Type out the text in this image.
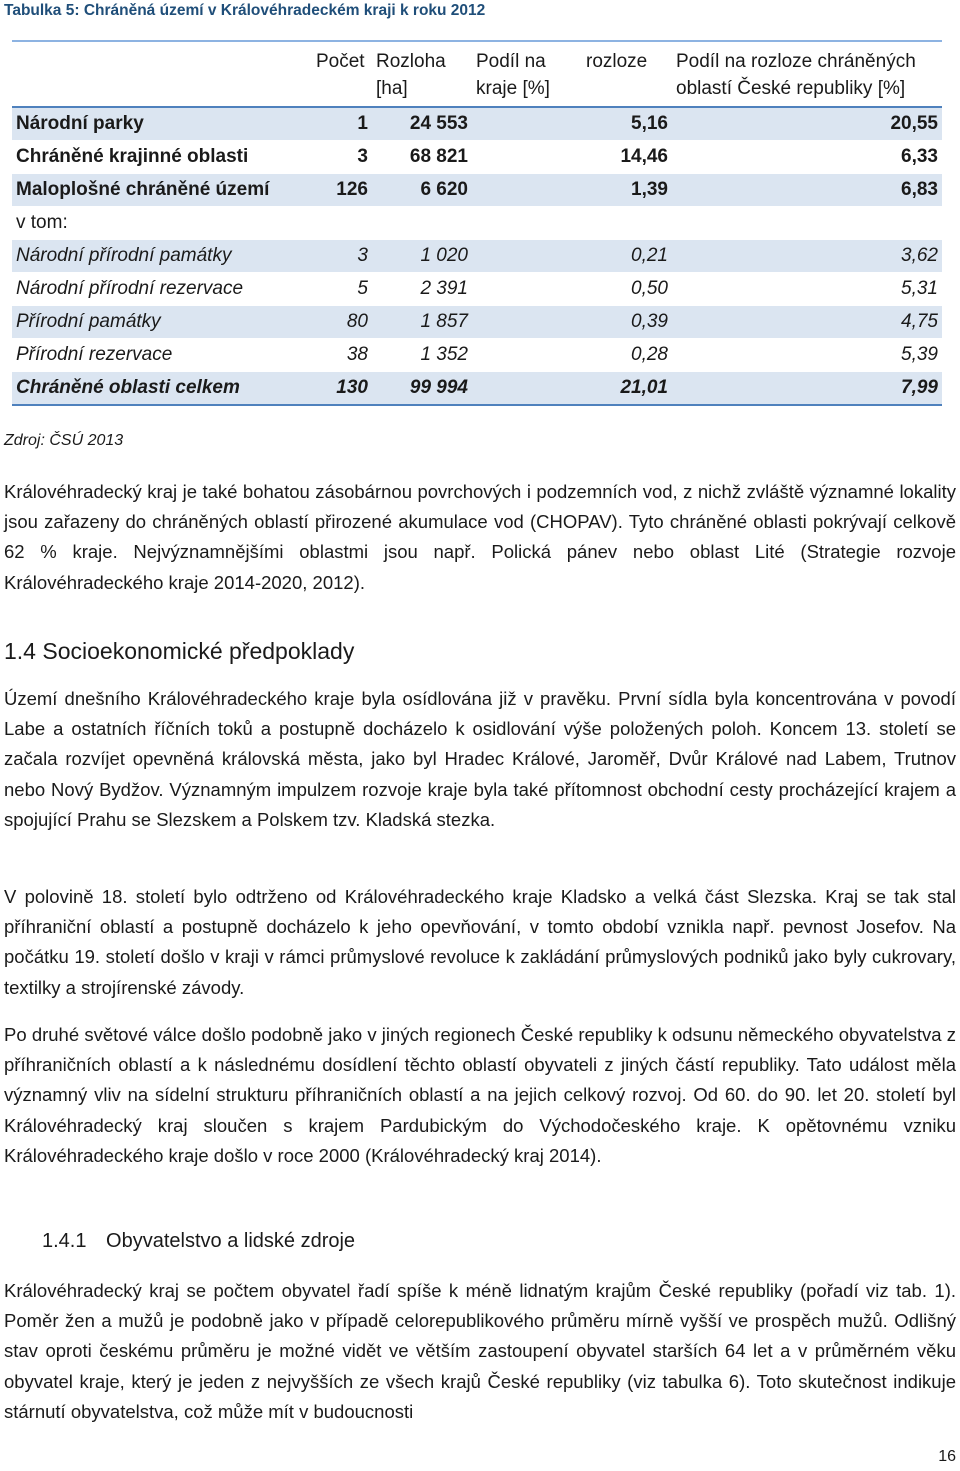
Tabulka 5: Chráněná území v Královéhradeckém kraji k roku 2012
	Počet	Rozloha [ha]	Podíl na kraje [%]	rozloze	Podíl na rozloze chráněných oblastí České republiky [%]
Národní parky	1	24 553	5,16		20,55
Chráněné krajinné oblasti	3	68 821	14,46		6,33
Maloplošné chráněné území	126	6 620	1,39		6,83
v tom:					
Národní přírodní památky	3	1 020	0,21		3,62
Národní přírodní rezervace	5	2 391	0,50		5,31
Přírodní památky	80	1 857	0,39		4,75
Přírodní rezervace	38	1 352	0,28		5,39
Chráněné oblasti celkem	130	99 994	21,01		7,99
Zdroj: ČSÚ 2013

Královéhradecký kraj je také bohatou zásobárnou povrchových i podzemních vod, z nichž zvláště významné lokality jsou zařazeny do chráněných oblastí přirozené akumulace vod (CHOPAV). Tyto chráněné oblasti pokrývají celkově 62 % kraje. Nejvýznamnějšími oblastmi jsou např. Polická pánev nebo oblast Lité (Strategie rozvoje Královéhradeckého kraje 2014-2020, 2012).

1.4 Socioekonomické předpoklady

Území dnešního Královéhradeckého kraje byla osídlována již v pravěku. První sídla byla koncentrována v povodí Labe a ostatních říčních toků a postupně docházelo k osidlování výše položených poloh. Koncem 13. století se začala rozvíjet opevněná královská města, jako byl Hradec Králové, Jaroměř, Dvůr Králové nad Labem, Trutnov nebo Nový Bydžov. Významným impulzem rozvoje kraje byla také přítomnost obchodní cesty procházející krajem a spojující Prahu se Slezskem a Polskem tzv. Kladská stezka.

V polovině 18. století bylo odtrženo od Královéhradeckého kraje Kladsko a velká část Slezska. Kraj se tak stal příhraniční oblastí a postupně docházelo k jeho opevňování, v tomto období vznikla např. pevnost Josefov. Na počátku 19. století došlo v kraji v rámci průmyslové revoluce k zakládání průmyslových podniků jako byly cukrovary, textilky a strojírenské závody.

Po druhé světové válce došlo podobně jako v jiných regionech České republiky k odsunu německého obyvatelstva z příhraničních oblastí a k následnému dosídlení těchto oblastí obyvateli z jiných částí republiky. Tato událost měla významný vliv na sídelní strukturu příhraničních oblastí a na jejich celkový rozvoj. Od 60. do 90. let 20. století byl Královéhradecký kraj sloučen s krajem Pardubickým do Východočeského kraje. K opětovnému vzniku Královéhradeckého kraje došlo v roce 2000 (Královéhradecký kraj 2014).

1.4.1 Obyvatelstvo a lidské zdroje

Královéhradecký kraj se počtem obyvatel řadí spíše k méně lidnatým krajům České republiky (pořadí viz tab. 1). Poměr žen a mužů je podobně jako v případě celorepublikového průměru mírně vyšší ve prospěch mužů. Odlišný stav oproti českému průměru je možné vidět ve větším zastoupení obyvatel starších 64 let a v průměrném věku obyvatel kraje, který je jeden z nejvyšších ze všech krajů České republiky (viz tabulka 6). Toto skutečnost indikuje stárnutí obyvatelstva, což může mít v budoucnosti

16
